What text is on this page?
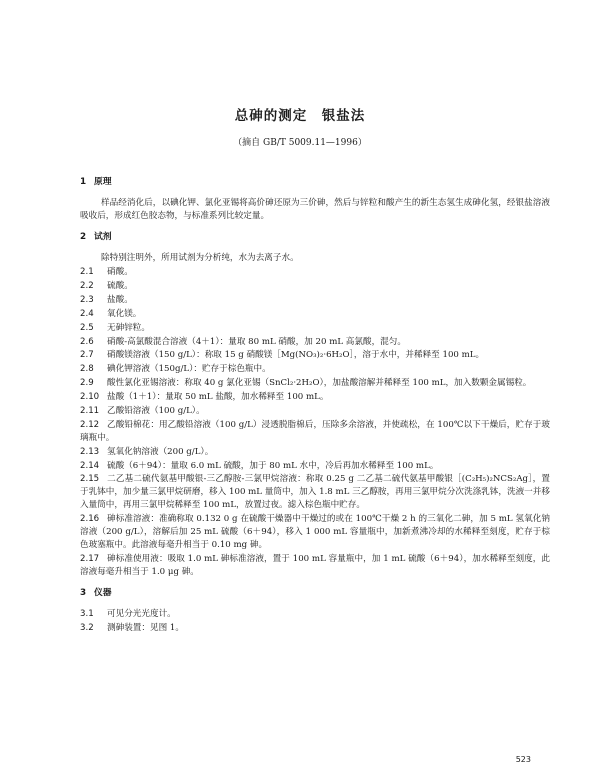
总砷的测定　银盐法
（摘自 GB/T 5009.11—1996）
1 原理
样品经消化后，以碘化钾、氯化亚锡将高价砷还原为三价砷，然后与锌粒和酸产生的新生态氢生成砷化氢，经银盐溶液吸收后，形成红色胶态物，与标准系列比较定量。
2 试剂
除特别注明外，所用试剂为分析纯，水为去离子水。
2.1 硝酸。
2.2 硫酸。
2.3 盐酸。
2.4 氧化镁。
2.5 无砷锌粒。
2.6 硝酸-高氯酸混合溶液（4＋1）：量取 80 mL 硝酸，加 20 mL 高氯酸，混匀。
2.7 硝酸镁溶液（150 g/L）：称取 15 g 硝酸镁［Mg(NO₃)₂·6H₂O］，溶于水中，并稀释至 100 mL。
2.8 碘化钾溶液（150g/L）：贮存于棕色瓶中。
2.9 酸性氯化亚锡溶液：称取 40 g 氯化亚锡（SnCl₂·2H₂O），加盐酸溶解并稀释至 100 mL，加入数颗金属锡粒。
2.10 盐酸（1＋1）：量取 50 mL 盐酸，加水稀释至 100 mL。
2.11 乙酸铅溶液（100 g/L）。
2.12 乙酸铅棉花：用乙酸铅溶液（100 g/L）浸透脱脂棉后，压除多余溶液，并使疏松，在 100℃以下干燥后，贮存于玻璃瓶中。
2.13 氢氧化钠溶液（200 g/L）。
2.14 硫酸（6＋94）：量取 6.0 mL 硫酸，加于 80 mL 水中，冷后再加水稀释至 100 mL。
2.15 二乙基二硫代氨基甲酸银-三乙醇胺-三氯甲烷溶液：称取 0.25 g 二乙基二硫代氨基甲酸银［(C₂H₅)₂NCS₂Ag］，置于乳钵中，加少量三氯甲烷研磨，移入 100 mL 量筒中，加入 1.8 mL 三乙醇胺，再用三氯甲烷分次洗涤乳钵，洗液一并移入量筒中，再用三氯甲烷稀释至 100 mL，放置过夜。滤入棕色瓶中贮存。
2.16 砷标准溶液：准确称取 0.132 0 g 在硫酸干燥器中干燥过的或在 100℃干燥 2 h 的三氧化二砷，加 5 mL 氢氧化钠溶液（200 g/L），溶解后加 25 mL 硫酸（6＋94），移入 1 000 mL 容量瓶中，加新煮沸冷却的水稀释至刻度，贮存于棕色玻塞瓶中。此溶液每毫升相当于 0.10 mg 砷。
2.17 砷标准使用液：吸取 1.0 mL 砷标准溶液，置于 100 mL 容量瓶中，加 1 mL 硫酸（6＋94），加水稀释至刻度，此溶液每毫升相当于 1.0 μg 砷。
3 仪器
3.1 可见分光光度计。
3.2 测砷装置：见图 1。
523
